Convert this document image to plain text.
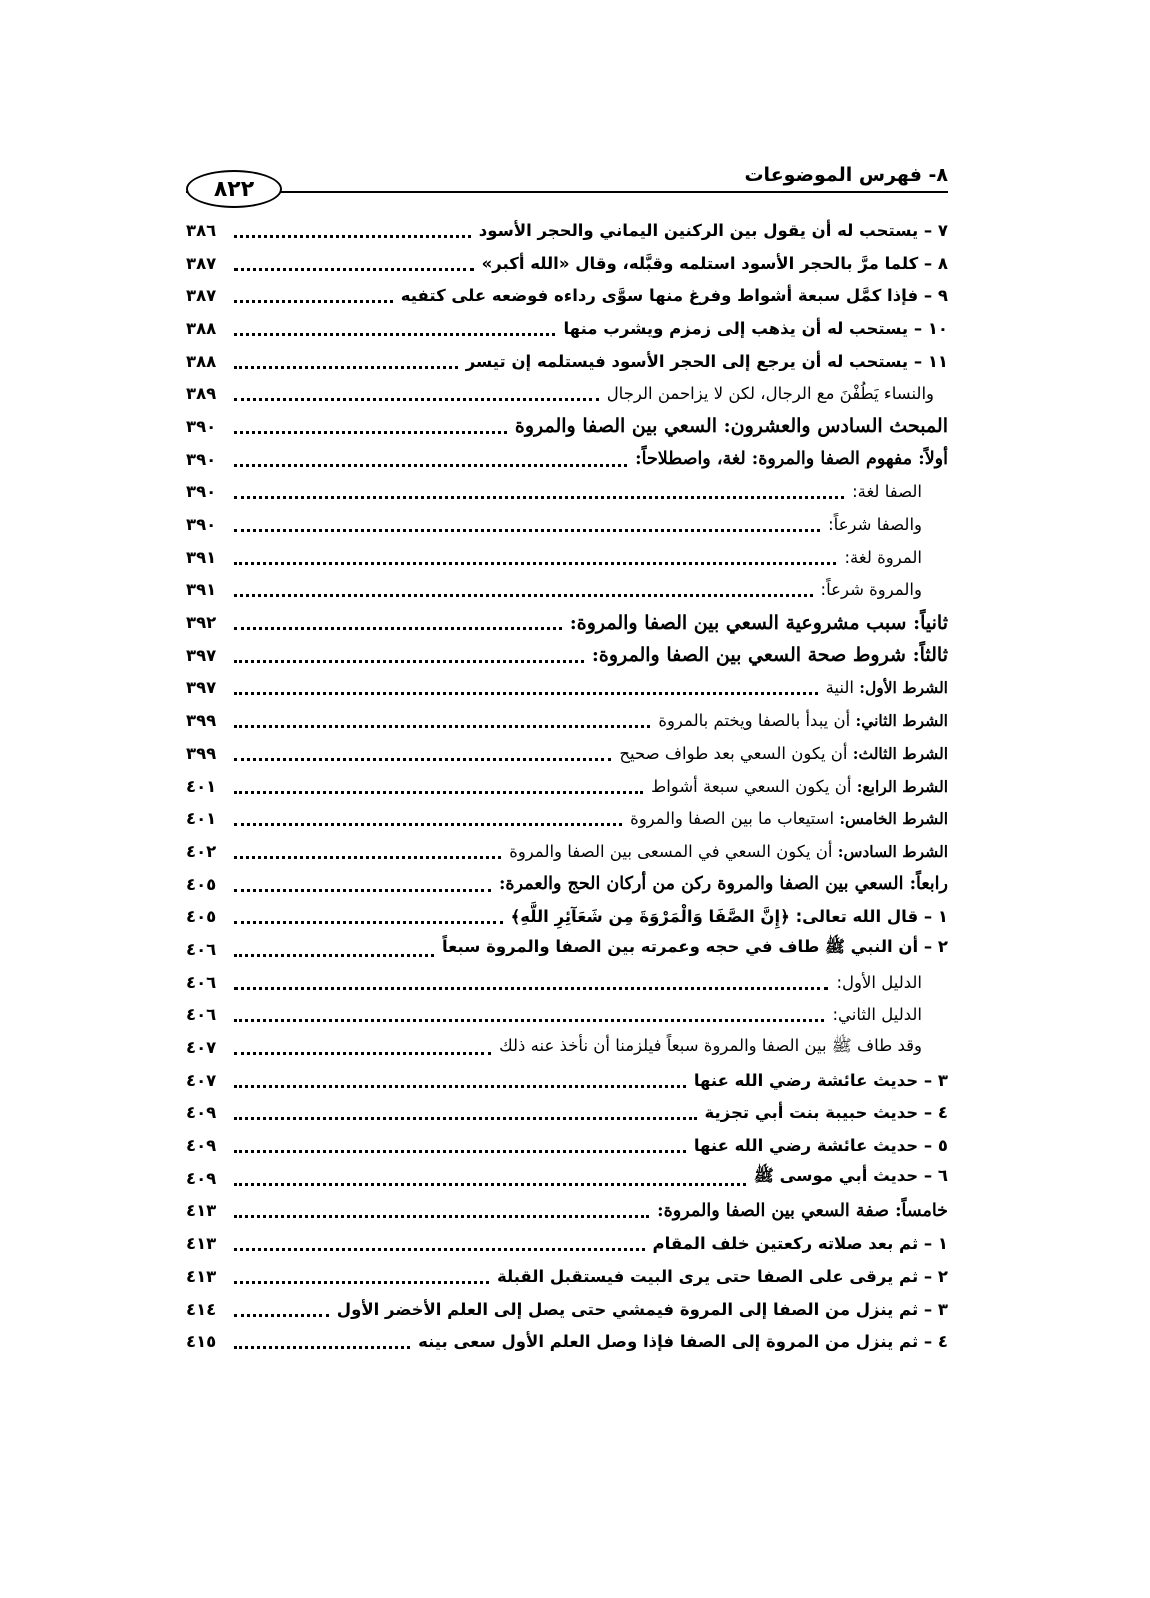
٨- فهرس الموضوعات
٨٢٢
٧ – يستحب له أن يقول بين الركنين اليماني والحجر الأسود
٣٨٦
٨ – كلما مرَّ بالحجر الأسود استلمه وقبَّله، وقال «الله أكبر»
٣٨٧
٩ – فإذا كمَّل سبعة أشواط وفرغ منها سوَّى رداءه فوضعه على كتفيه
٣٨٧
١٠ – يستحب له أن يذهب إلى زمزم ويشرب منها
٣٨٨
١١ – يستحب له أن يرجع إلى الحجر الأسود فيستلمه إن تيسر
٣٨٨
والنساء يَطُفْنَ مع الرجال، لكن لا يزاحمن الرجال
٣٨٩
المبحث السادس والعشرون: السعي بين الصفا والمروة
٣٩٠
أولاً: مفهوم الصفا والمروة: لغة، واصطلاحاً:
٣٩٠
الصفا لغة:
٣٩٠
والصفا شرعاً:
٣٩٠
المروة لغة:
٣٩١
والمروة شرعاً:
٣٩١
ثانياً: سبب مشروعية السعي بين الصفا والمروة:
٣٩٢
ثالثاً: شروط صحة السعي بين الصفا والمروة:
٣٩٧
الشرط الأول: النية
٣٩٧
الشرط الثاني: أن يبدأ بالصفا ويختم بالمروة
٣٩٩
الشرط الثالث: أن يكون السعي بعد طواف صحيح
٣٩٩
الشرط الرابع: أن يكون السعي سبعة أشواط
٤٠١
الشرط الخامس: استيعاب ما بين الصفا والمروة
٤٠١
الشرط السادس: أن يكون السعي في المسعى بين الصفا والمروة
٤٠٢
رابعاً: السعي بين الصفا والمروة ركن من أركان الحج والعمرة:
٤٠٥
١ – قال الله تعالى: ﴿إِنَّ الصَّفَا وَالْمَرْوَةَ مِن شَعَآئِرِ اللَّهِ﴾
٤٠٥
٢ – أن النبي ﷺ طاف في حجه وعمرته بين الصفا والمروة سبعاً
٤٠٦
الدليل الأول:
٤٠٦
الدليل الثاني:
٤٠٦
وقد طاف ﷺ بين الصفا والمروة سبعاً فيلزمنا أن نأخذ عنه ذلك
٤٠٧
٣ – حديث عائشة رضي الله عنها
٤٠٧
٤ – حديث حبيبة بنت أبي تجزية
٤٠٩
٥ – حديث عائشة رضي الله عنها
٤٠٩
٦ – حديث أبي موسى ﷺ
٤٠٩
خامساً: صفة السعي بين الصفا والمروة:
٤١٣
١ – ثم بعد صلاته ركعتين خلف المقام
٤١٣
٢ – ثم يرقى على الصفا حتى يرى البيت فيستقبل القبلة
٤١٣
٣ – ثم ينزل من الصفا إلى المروة فيمشي حتى يصل إلى العلم الأخضر الأول
٤١٤
٤ – ثم ينزل من المروة إلى الصفا فإذا وصل العلم الأول سعى بينه
٤١٥
